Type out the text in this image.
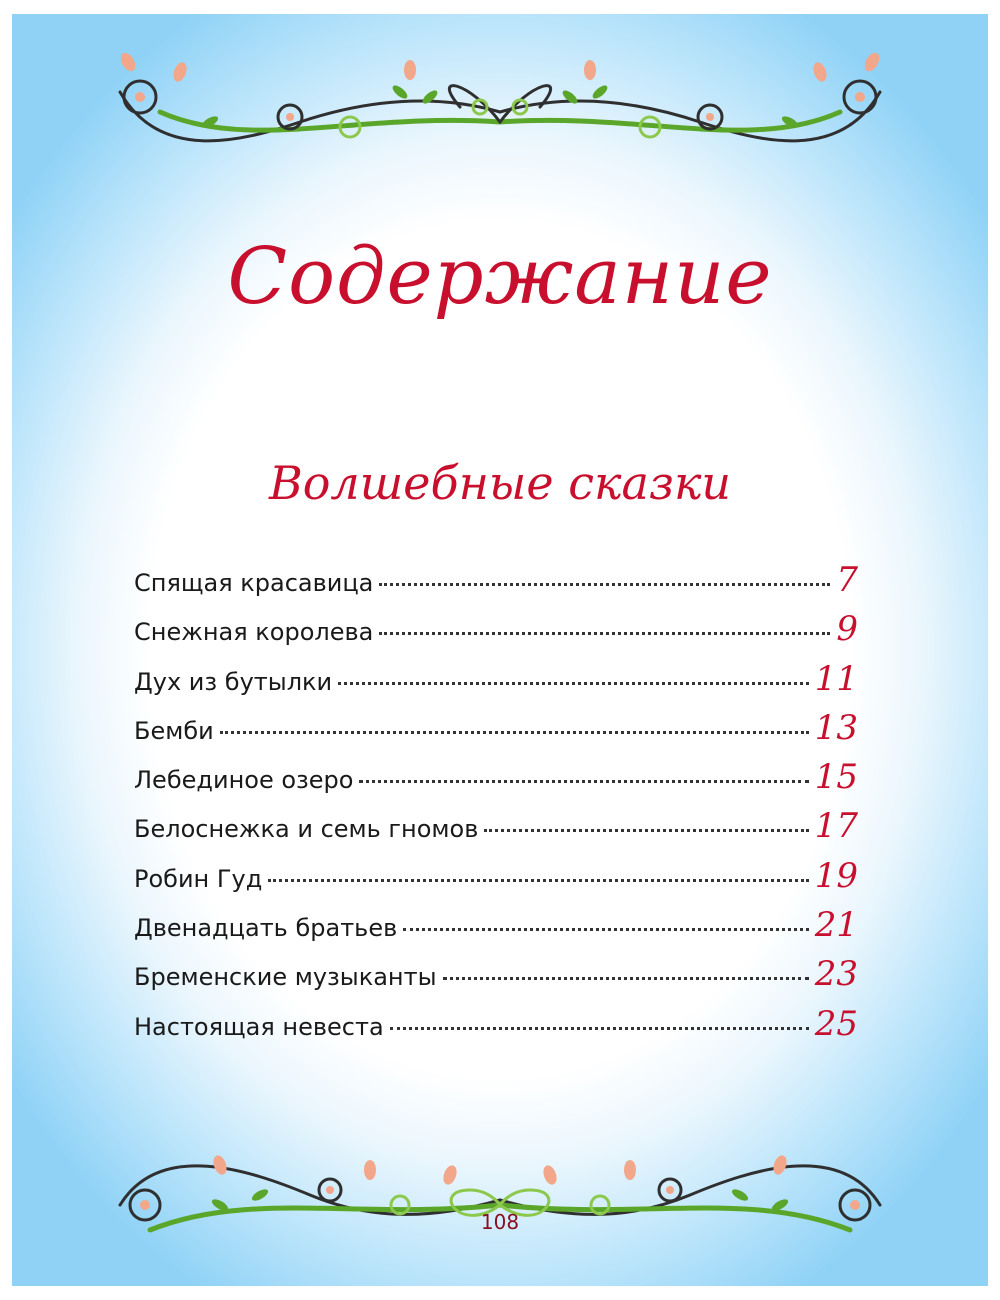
Содержание
Волшебные сказки
Спящая красавица	7
Снежная королева	9
Дух из бутылки	11
Бемби	13
Лебединое озеро	15
Белоснежка и семь гномов	17
Робин Гуд	19
Двенадцать братьев	21
Бременские музыканты	23
Настоящая невеста	25
108
